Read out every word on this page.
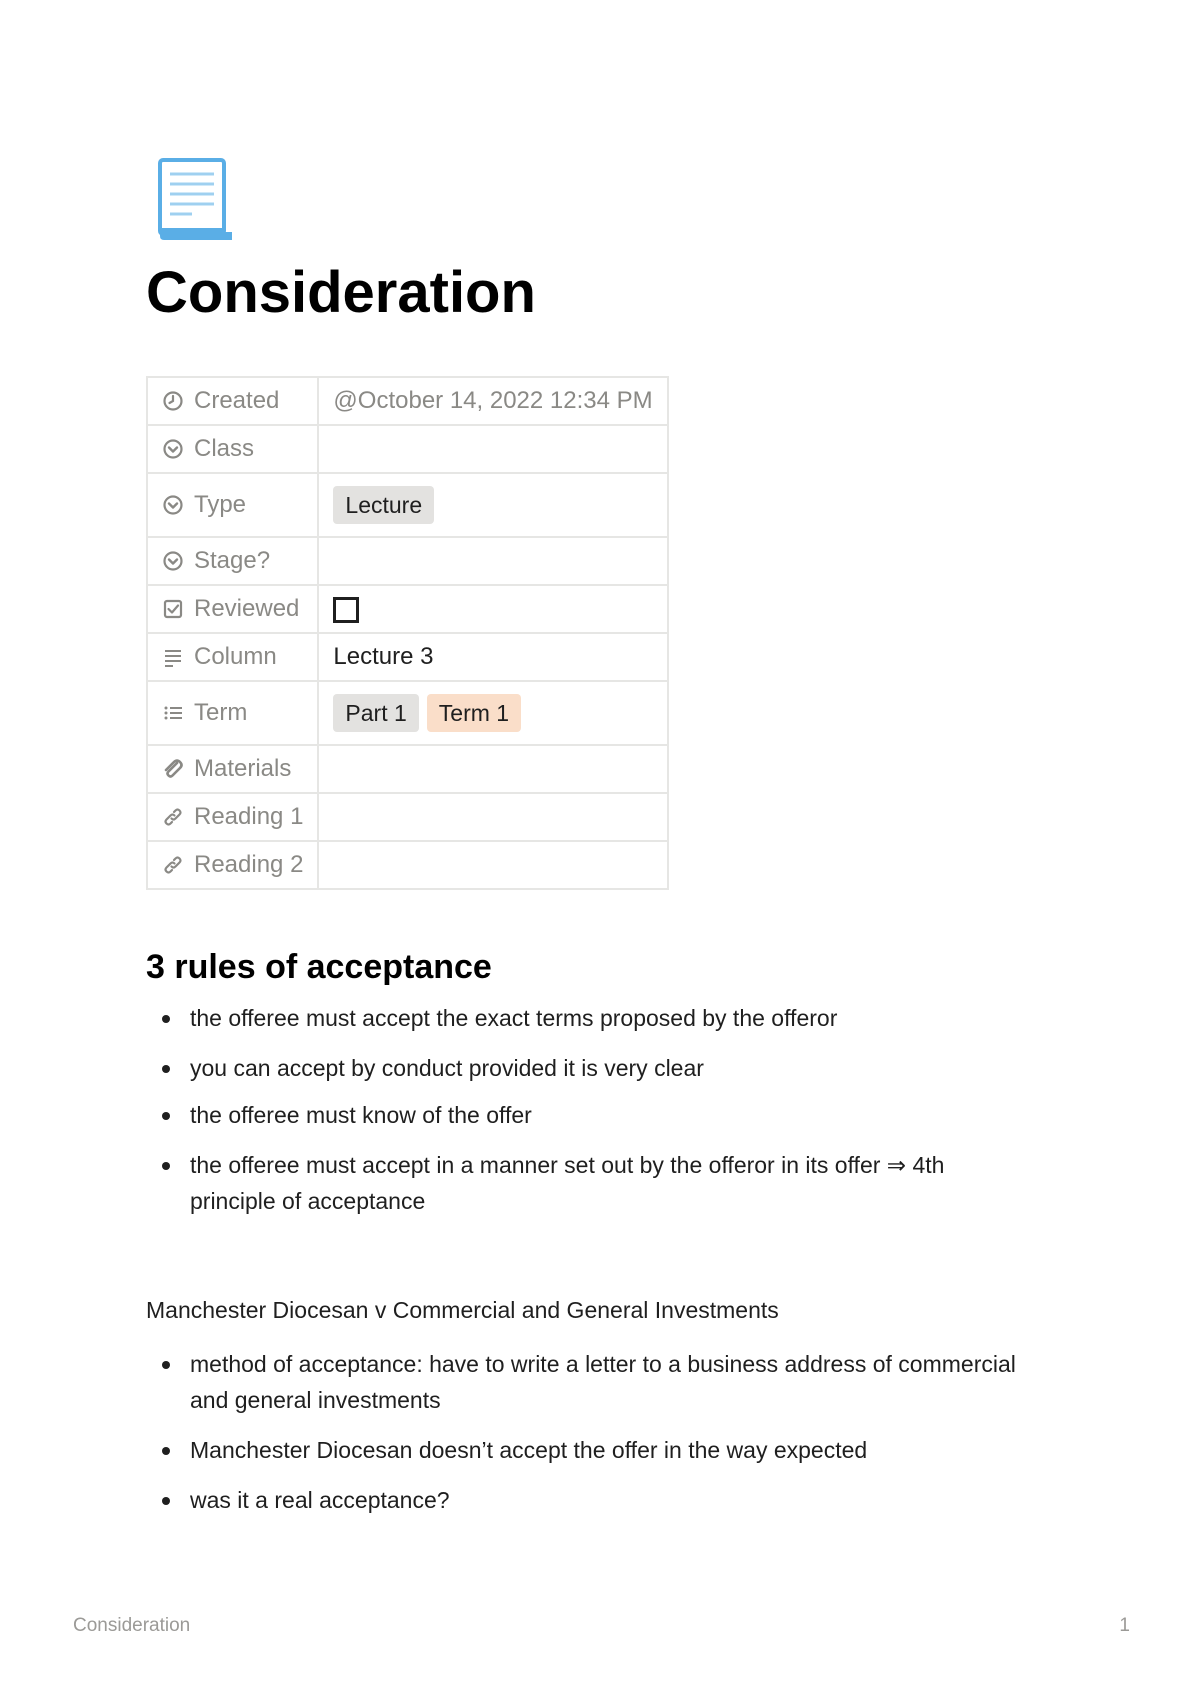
Consideration
Created	@October 14, 2022 12:34 PM
Class	
Type	Lecture
Stage?	
Reviewed	
Column	Lecture 3
Term	Part 1 Term 1
Materials	
Reading 1	
Reading 2	
3 rules of acceptance
the offeree must accept the exact terms proposed by the offeror
you can accept by conduct provided it is very clear
the offeree must know of the offer
the offeree must accept in a manner set out by the offeror in its offer ⇒ 4th principle of acceptance

Manchester Diocesan v Commercial and General Investments

method of acceptance: have to write a letter to a business address of commercial and general investments
Manchester Diocesan doesn’t accept the offer in the way expected
was it a real acceptance?
Consideration	1
